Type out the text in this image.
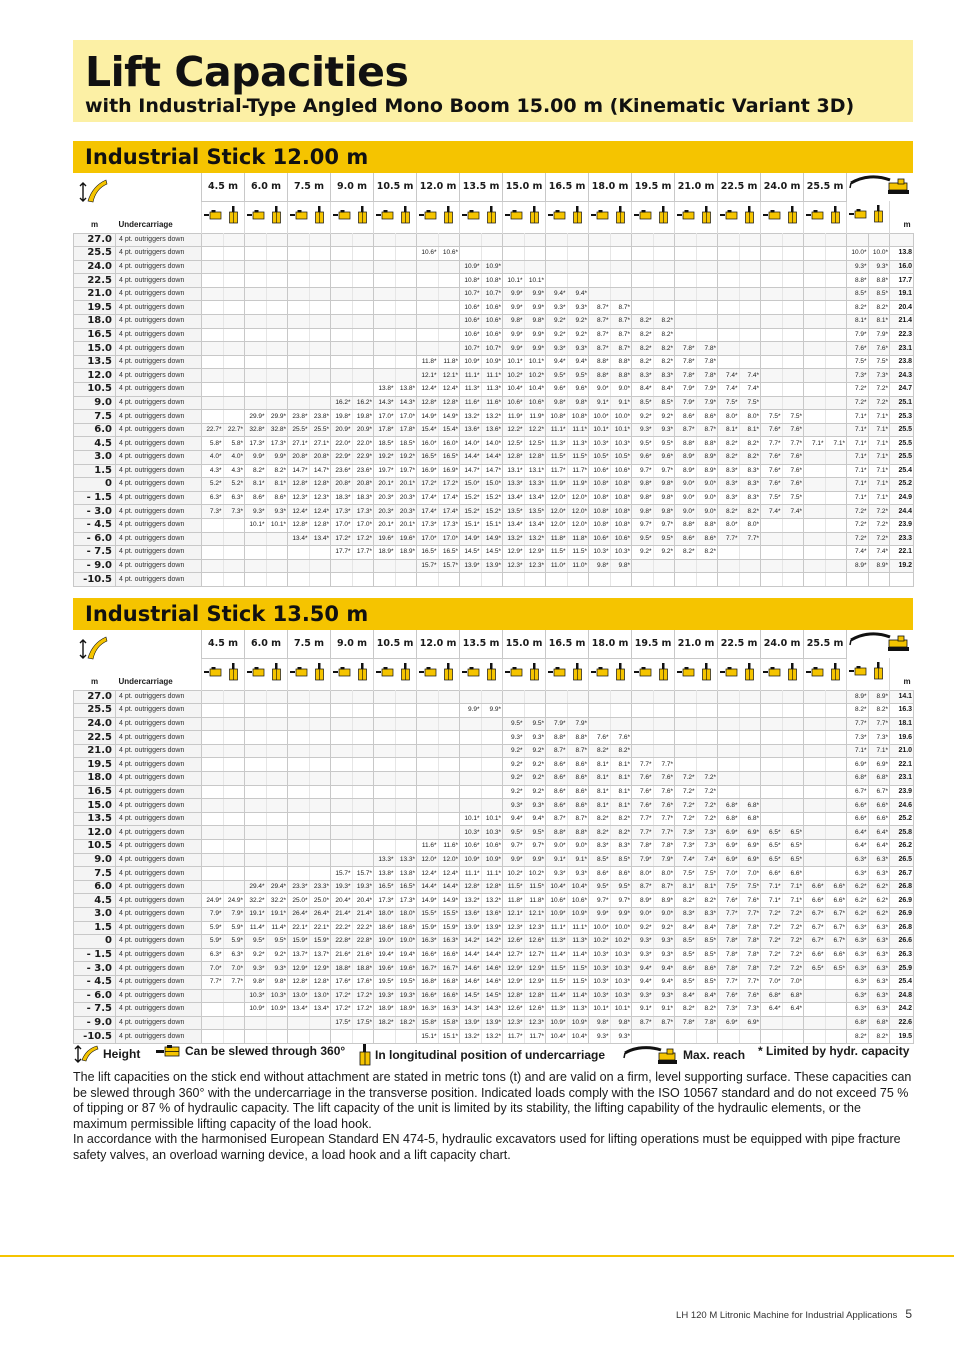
Lift Capacities
with Industrial-Type Angled Mono Boom 15.00 m (Kinematic Variant 3D)
Industrial Stick 12.00 m
m Undercarriage		4.5 m		6.0 m		7.5 m		9.0 m		10.5 m		12.0 m		13.5 m		15.0 m		16.5 m		18.0 m		19.5 m		21.0 m		22.5 m		24.0 m		25.5 m	
																																m
27.0	4 pt. outriggers down																																	
25.5	4 pt. outriggers down											10.6*	10.6*																			10.0*	10.0*	13.8
24.0	4 pt. outriggers down													10.9*	10.9*																	9.3*	9.3*	16.0
22.5	4 pt. outriggers down													10.8*	10.8*	10.1*	10.1*															8.8*	8.8*	17.7
21.0	4 pt. outriggers down													10.7*	10.7*	9.9*	9.9*	9.4*	9.4*													8.5*	8.5*	19.1
19.5	4 pt. outriggers down													10.6*	10.6*	9.9*	9.9*	9.3*	9.3*	8.7*	8.7*											8.2*	8.2*	20.4
18.0	4 pt. outriggers down													10.6*	10.6*	9.8*	9.8*	9.2*	9.2*	8.7*	8.7*	8.2*	8.2*									8.1*	8.1*	21.4
16.5	4 pt. outriggers down													10.6*	10.6*	9.9*	9.9*	9.2*	9.2*	8.7*	8.7*	8.2*	8.2*									7.9*	7.9*	22.3
15.0	4 pt. outriggers down													10.7*	10.7*	9.9*	9.9*	9.3*	9.3*	8.7*	8.7*	8.2*	8.2*	7.8*	7.8*							7.6*	7.6*	23.1
13.5	4 pt. outriggers down											11.8*	11.8*	10.9*	10.9*	10.1*	10.1*	9.4*	9.4*	8.8*	8.8*	8.2*	8.2*	7.8*	7.8*							7.5*	7.5*	23.8
12.0	4 pt. outriggers down											12.1*	12.1*	11.1*	11.1*	10.2*	10.2*	9.5*	9.5*	8.8*	8.8*	8.3*	8.3*	7.8*	7.8*	7.4*	7.4*					7.3*	7.3*	24.3
10.5	4 pt. outriggers down									13.8*	13.8*	12.4*	12.4*	11.3*	11.3*	10.4*	10.4*	9.6*	9.6*	9.0*	9.0*	8.4*	8.4*	7.9*	7.9*	7.4*	7.4*					7.2*	7.2*	24.7
9.0	4 pt. outriggers down							16.2*	16.2*	14.3*	14.3*	12.8*	12.8*	11.6*	11.6*	10.6*	10.6*	9.8*	9.8*	9.1*	9.1*	8.5*	8.5*	7.9*	7.9*	7.5*	7.5*					7.2*	7.2*	25.1
7.5	4 pt. outriggers down			29.9*	29.9*	23.8*	23.8*	19.8*	19.8*	17.0*	17.0*	14.9*	14.9*	13.2*	13.2*	11.9*	11.9*	10.8*	10.8*	10.0*	10.0*	9.2*	9.2*	8.6*	8.6*	8.0*	8.0*	7.5*	7.5*			7.1*	7.1*	25.3
6.0	4 pt. outriggers down	22.7*	22.7*	32.8*	32.8*	25.5*	25.5*	20.9*	20.9*	17.8*	17.8*	15.4*	15.4*	13.6*	13.6*	12.2*	12.2*	11.1*	11.1*	10.1*	10.1*	9.3*	9.3*	8.7*	8.7*	8.1*	8.1*	7.6*	7.6*			7.1*	7.1*	25.5
4.5	4 pt. outriggers down	5.8*	5.8*	17.3*	17.3*	27.1*	27.1*	22.0*	22.0*	18.5*	18.5*	16.0*	16.0*	14.0*	14.0*	12.5*	12.5*	11.3*	11.3*	10.3*	10.3*	9.5*	9.5*	8.8*	8.8*	8.2*	8.2*	7.7*	7.7*	7.1*	7.1*	7.1*	7.1*	25.5
3.0	4 pt. outriggers down	4.0*	4.0*	9.9*	9.9*	20.8*	20.8*	22.9*	22.9*	19.2*	19.2*	16.5*	16.5*	14.4*	14.4*	12.8*	12.8*	11.5*	11.5*	10.5*	10.5*	9.6*	9.6*	8.9*	8.9*	8.2*	8.2*	7.6*	7.6*			7.1*	7.1*	25.5
1.5	4 pt. outriggers down	4.3*	4.3*	8.2*	8.2*	14.7*	14.7*	23.6*	23.6*	19.7*	19.7*	16.9*	16.9*	14.7*	14.7*	13.1*	13.1*	11.7*	11.7*	10.6*	10.6*	9.7*	9.7*	8.9*	8.9*	8.3*	8.3*	7.6*	7.6*			7.1*	7.1*	25.4
0	4 pt. outriggers down	5.2*	5.2*	8.1*	8.1*	12.8*	12.8*	20.8*	20.8*	20.1*	20.1*	17.2*	17.2*	15.0*	15.0*	13.3*	13.3*	11.9*	11.9*	10.8*	10.8*	9.8*	9.8*	9.0*	9.0*	8.3*	8.3*	7.6*	7.6*			7.1*	7.1*	25.2
- 1.5	4 pt. outriggers down	6.3*	6.3*	8.6*	8.6*	12.3*	12.3*	18.3*	18.3*	20.3*	20.3*	17.4*	17.4*	15.2*	15.2*	13.4*	13.4*	12.0*	12.0*	10.8*	10.8*	9.8*	9.8*	9.0*	9.0*	8.3*	8.3*	7.5*	7.5*			7.1*	7.1*	24.9
- 3.0	4 pt. outriggers down	7.3*	7.3*	9.3*	9.3*	12.4*	12.4*	17.3*	17.3*	20.3*	20.3*	17.4*	17.4*	15.2*	15.2*	13.5*	13.5*	12.0*	12.0*	10.8*	10.8*	9.8*	9.8*	9.0*	9.0*	8.2*	8.2*	7.4*	7.4*			7.2*	7.2*	24.4
- 4.5	4 pt. outriggers down			10.1*	10.1*	12.8*	12.8*	17.0*	17.0*	20.1*	20.1*	17.3*	17.3*	15.1*	15.1*	13.4*	13.4*	12.0*	12.0*	10.8*	10.8*	9.7*	9.7*	8.8*	8.8*	8.0*	8.0*					7.2*	7.2*	23.9
- 6.0	4 pt. outriggers down					13.4*	13.4*	17.2*	17.2*	19.6*	19.6*	17.0*	17.0*	14.9*	14.9*	13.2*	13.2*	11.8*	11.8*	10.6*	10.6*	9.5*	9.5*	8.6*	8.6*	7.7*	7.7*					7.2*	7.2*	23.3
- 7.5	4 pt. outriggers down							17.7*	17.7*	18.9*	18.9*	16.5*	16.5*	14.5*	14.5*	12.9*	12.9*	11.5*	11.5*	10.3*	10.3*	9.2*	9.2*	8.2*	8.2*							7.4*	7.4*	22.1
- 9.0	4 pt. outriggers down											15.7*	15.7*	13.9*	13.9*	12.3*	12.3*	11.0*	11.0*	9.8*	9.8*											8.9*	8.9*	19.2
-10.5	4 pt. outriggers down																																	
Industrial Stick 13.50 m
m Undercarriage		4.5 m		6.0 m		7.5 m		9.0 m		10.5 m		12.0 m		13.5 m		15.0 m		16.5 m		18.0 m		19.5 m		21.0 m		22.5 m		24.0 m		25.5 m	
																																m
27.0	4 pt. outriggers down																															8.9*	8.9*	14.1
25.5	4 pt. outriggers down													9.9*	9.9*																	8.2*	8.2*	16.3
24.0	4 pt. outriggers down															9.5*	9.5*	7.9*	7.9*													7.7*	7.7*	18.1
22.5	4 pt. outriggers down															9.3*	9.3*	8.8*	8.8*	7.6*	7.6*											7.3*	7.3*	19.6
21.0	4 pt. outriggers down															9.2*	9.2*	8.7*	8.7*	8.2*	8.2*											7.1*	7.1*	21.0
19.5	4 pt. outriggers down															9.2*	9.2*	8.6*	8.6*	8.1*	8.1*	7.7*	7.7*									6.9*	6.9*	22.1
18.0	4 pt. outriggers down															9.2*	9.2*	8.6*	8.6*	8.1*	8.1*	7.6*	7.6*	7.2*	7.2*							6.8*	6.8*	23.1
16.5	4 pt. outriggers down															9.2*	9.2*	8.6*	8.6*	8.1*	8.1*	7.6*	7.6*	7.2*	7.2*							6.7*	6.7*	23.9
15.0	4 pt. outriggers down															9.3*	9.3*	8.6*	8.6*	8.1*	8.1*	7.6*	7.6*	7.2*	7.2*	6.8*	6.8*					6.6*	6.6*	24.6
13.5	4 pt. outriggers down													10.1*	10.1*	9.4*	9.4*	8.7*	8.7*	8.2*	8.2*	7.7*	7.7*	7.2*	7.2*	6.8*	6.8*					6.6*	6.6*	25.2
12.0	4 pt. outriggers down													10.3*	10.3*	9.5*	9.5*	8.8*	8.8*	8.2*	8.2*	7.7*	7.7*	7.3*	7.3*	6.9*	6.9*	6.5*	6.5*			6.4*	6.4*	25.8
10.5	4 pt. outriggers down											11.6*	11.6*	10.6*	10.6*	9.7*	9.7*	9.0*	9.0*	8.3*	8.3*	7.8*	7.8*	7.3*	7.3*	6.9*	6.9*	6.5*	6.5*			6.4*	6.4*	26.2
9.0	4 pt. outriggers down									13.3*	13.3*	12.0*	12.0*	10.9*	10.9*	9.9*	9.9*	9.1*	9.1*	8.5*	8.5*	7.9*	7.9*	7.4*	7.4*	6.9*	6.9*	6.5*	6.5*			6.3*	6.3*	26.5
7.5	4 pt. outriggers down							15.7*	15.7*	13.8*	13.8*	12.4*	12.4*	11.1*	11.1*	10.2*	10.2*	9.3*	9.3*	8.6*	8.6*	8.0*	8.0*	7.5*	7.5*	7.0*	7.0*	6.6*	6.6*			6.3*	6.3*	26.7
6.0	4 pt. outriggers down			29.4*	29.4*	23.3*	23.3*	19.3*	19.3*	16.5*	16.5*	14.4*	14.4*	12.8*	12.8*	11.5*	11.5*	10.4*	10.4*	9.5*	9.5*	8.7*	8.7*	8.1*	8.1*	7.5*	7.5*	7.1*	7.1*	6.6*	6.6*	6.2*	6.2*	26.8
4.5	4 pt. outriggers down	24.9*	24.9*	32.2*	32.2*	25.0*	25.0*	20.4*	20.4*	17.3*	17.3*	14.9*	14.9*	13.2*	13.2*	11.8*	11.8*	10.6*	10.6*	9.7*	9.7*	8.9*	8.9*	8.2*	8.2*	7.6*	7.6*	7.1*	7.1*	6.6*	6.6*	6.2*	6.2*	26.9
3.0	4 pt. outriggers down	7.9*	7.9*	19.1*	19.1*	26.4*	26.4*	21.4*	21.4*	18.0*	18.0*	15.5*	15.5*	13.6*	13.6*	12.1*	12.1*	10.9*	10.9*	9.9*	9.9*	9.0*	9.0*	8.3*	8.3*	7.7*	7.7*	7.2*	7.2*	6.7*	6.7*	6.2*	6.2*	26.9
1.5	4 pt. outriggers down	5.9*	5.9*	11.4*	11.4*	22.1*	22.1*	22.2*	22.2*	18.6*	18.6*	15.9*	15.9*	13.9*	13.9*	12.3*	12.3*	11.1*	11.1*	10.0*	10.0*	9.2*	9.2*	8.4*	8.4*	7.8*	7.8*	7.2*	7.2*	6.7*	6.7*	6.3*	6.3*	26.8
0	4 pt. outriggers down	5.9*	5.9*	9.5*	9.5*	15.9*	15.9*	22.8*	22.8*	19.0*	19.0*	16.3*	16.3*	14.2*	14.2*	12.6*	12.6*	11.3*	11.3*	10.2*	10.2*	9.3*	9.3*	8.5*	8.5*	7.8*	7.8*	7.2*	7.2*	6.7*	6.7*	6.3*	6.3*	26.6
- 1.5	4 pt. outriggers down	6.3*	6.3*	9.2*	9.2*	13.7*	13.7*	21.6*	21.6*	19.4*	19.4*	16.6*	16.6*	14.4*	14.4*	12.7*	12.7*	11.4*	11.4*	10.3*	10.3*	9.3*	9.3*	8.5*	8.5*	7.8*	7.8*	7.2*	7.2*	6.6*	6.6*	6.3*	6.3*	26.3
- 3.0	4 pt. outriggers down	7.0*	7.0*	9.3*	9.3*	12.9*	12.9*	18.8*	18.8*	19.6*	19.6*	16.7*	16.7*	14.6*	14.6*	12.9*	12.9*	11.5*	11.5*	10.3*	10.3*	9.4*	9.4*	8.6*	8.6*	7.8*	7.8*	7.2*	7.2*	6.5*	6.5*	6.3*	6.3*	25.9
- 4.5	4 pt. outriggers down	7.7*	7.7*	9.8*	9.8*	12.8*	12.8*	17.6*	17.6*	19.5*	19.5*	16.8*	16.8*	14.6*	14.6*	12.9*	12.9*	11.5*	11.5*	10.3*	10.3*	9.4*	9.4*	8.5*	8.5*	7.7*	7.7*	7.0*	7.0*			6.3*	6.3*	25.4
- 6.0	4 pt. outriggers down			10.3*	10.3*	13.0*	13.0*	17.2*	17.2*	19.3*	19.3*	16.6*	16.6*	14.5*	14.5*	12.8*	12.8*	11.4*	11.4*	10.3*	10.3*	9.3*	9.3*	8.4*	8.4*	7.6*	7.6*	6.8*	6.8*			6.3*	6.3*	24.8
- 7.5	4 pt. outriggers down			10.9*	10.9*	13.4*	13.4*	17.2*	17.2*	18.9*	18.9*	16.3*	16.3*	14.3*	14.3*	12.6*	12.6*	11.3*	11.3*	10.1*	10.1*	9.1*	9.1*	8.2*	8.2*	7.3*	7.3*	6.4*	6.4*			6.3*	6.3*	24.2
- 9.0	4 pt. outriggers down							17.5*	17.5*	18.2*	18.2*	15.8*	15.8*	13.9*	13.9*	12.3*	12.3*	10.9*	10.9*	9.8*	9.8*	8.7*	8.7*	7.8*	7.8*	6.9*	6.9*					6.8*	6.8*	22.6
-10.5	4 pt. outriggers down											15.1*	15.1*	13.2*	13.2*	11.7*	11.7*	10.4*	10.4*	9.3*	9.3*											8.2*	8.2*	19.5
Height	Can be slewed through 360° In longitudinal position of undercarriage	Max. reach * Limited by hydr. capacity

The lift capacities on the stick end without attachment are stated in metric tons (t) and are valid on a firm, level supporting surface. These capacities can be slewed through 360° with the undercarriage in the transverse position. Indicated loads comply with the ISO 10567 standard and do not exceed 75 % of tipping or 87 % of hydraulic capacity. The lift capacity of the unit is limited by its stability, the lifting capability of the hydraulic elements, or the maximum permissible lifting capacity of the load hook.

In accordance with the harmonised European Standard EN 474-5, hydraulic excavators used for lifting operations must be equipped with pipe fracture safety valves, an overload warning device, a load hook and a lift capacity chart.

LH 120 M Litronic Machine for Industrial Applications 5
